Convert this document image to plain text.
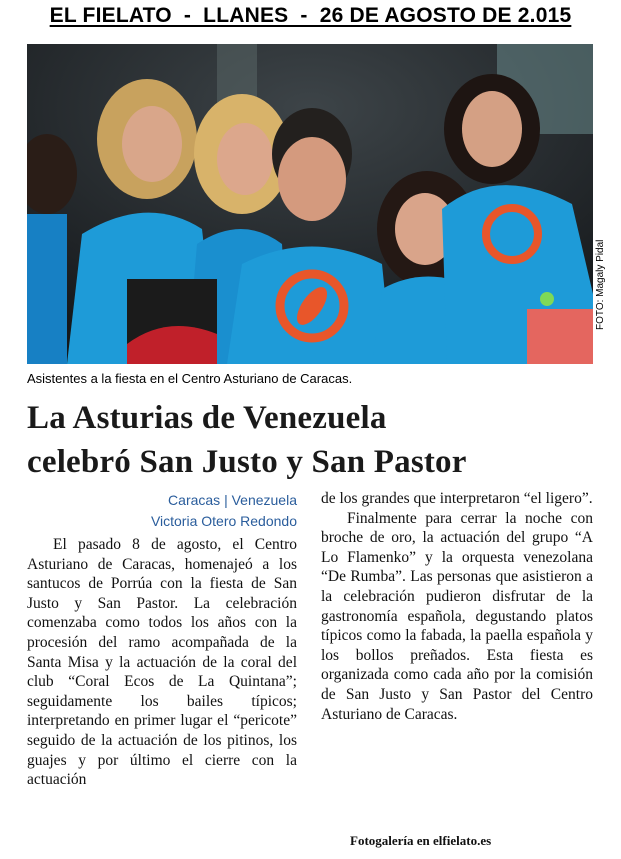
EL FIELATO  -  LLANES  -  26 DE AGOSTO DE 2.015
FOTO: Magaly Pidal
Asistentes a la fiesta en el Centro Asturiano de Caracas.
La Asturias de Venezuela
celebró San Justo y San Pastor
Caracas | Venezuela
Victoria Otero Redondo

El pasado 8 de agosto, el Centro Asturiano de Caracas, homenajeó a los santucos de Porrúa con la fiesta de San Justo y San Pastor. La celebración comenzaba como todos los años con la procesión del ramo acompañada de la Santa Misa y la actuación de la coral del club “Coral Ecos de La Quintana”; seguidamente los bailes típicos; interpretando en primer lugar el “pericote” seguido de la actuación de los pitinos, los guajes y por último el cierre con la actuación

de los grandes que interpretaron “el ligero”.

Finalmente para cerrar la noche con broche de oro, la actuación del grupo “A Lo Flamenko” y la orquesta venezolana “De Rumba”. Las personas que asistieron a la celebración pudieron disfrutar de la gastronomía española, degustando platos típicos como la fabada, la paella española y los bollos preñados. Esta fiesta es organizada como cada año por la comisión de San Justo y San Pastor del Centro Asturiano de Caracas.

Fotogalería en elfielato.es
